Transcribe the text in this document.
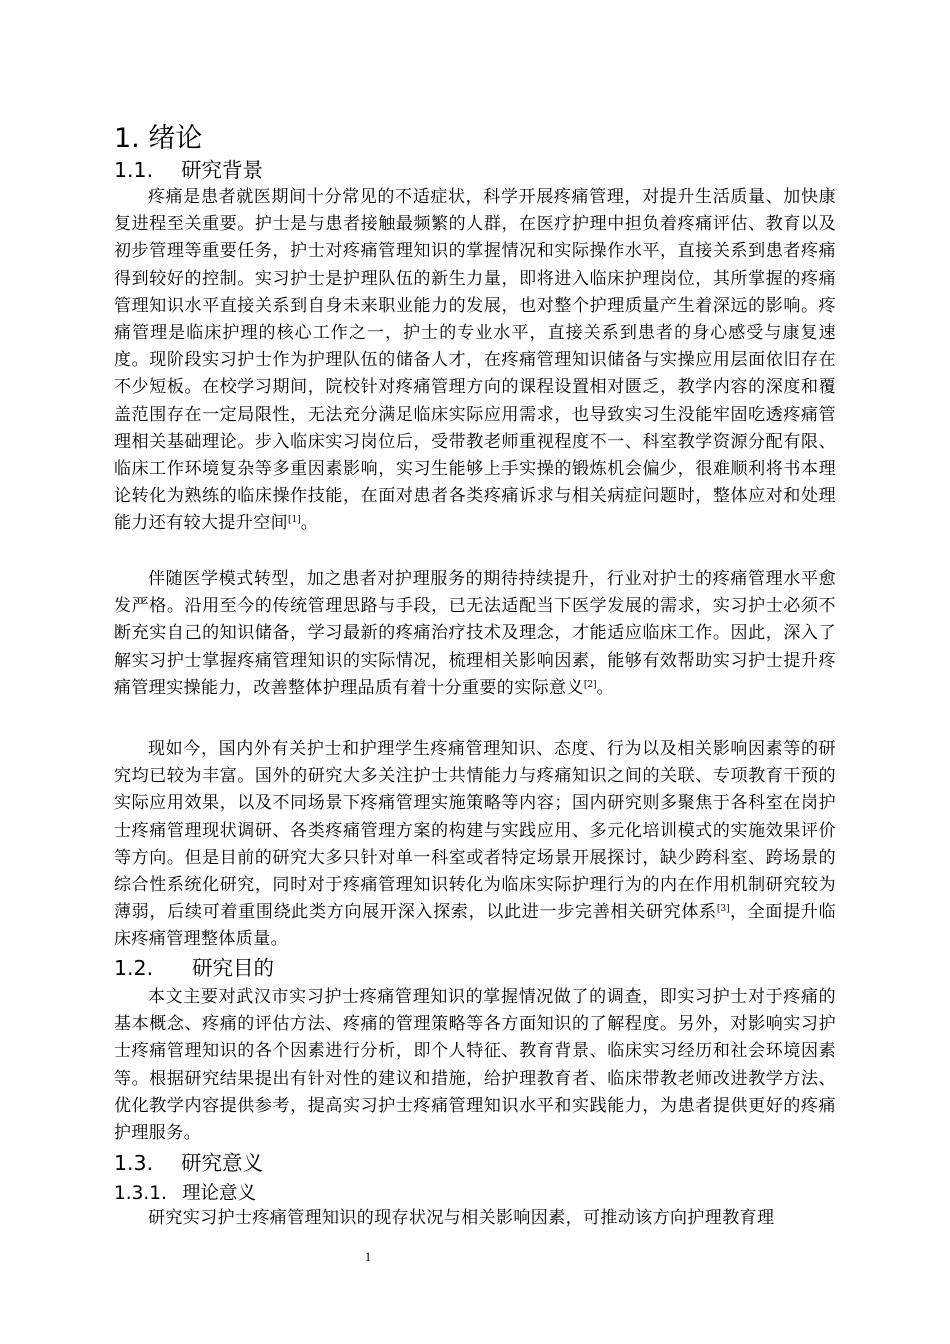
1. 绪论
1.1. 研究背景
疼痛是患者就医期间十分常见的不适症状，科学开展疼痛管理，对提升生活质量、加快康复进程至关重要。护士是与患者接触最频繁的人群，在医疗护理中担负着疼痛评估、教育以及初步管理等重要任务，护士对疼痛管理知识的掌握情况和实际操作水平，直接关系到患者疼痛得到较好的控制。实习护士是护理队伍的新生力量，即将进入临床护理岗位，其所掌握的疼痛管理知识水平直接关系到自身未来职业能力的发展，也对整个护理质量产生着深远的影响。疼痛管理是临床护理的核心工作之一，护士的专业水平，直接关系到患者的身心感受与康复速度。现阶段实习护士作为护理队伍的储备人才，在疼痛管理知识储备与实操应用层面依旧存在不少短板。在校学习期间，院校针对疼痛管理方向的课程设置相对匮乏，教学内容的深度和覆盖范围存在一定局限性，无法充分满足临床实际应用需求，也导致实习生没能牢固吃透疼痛管理相关基础理论。步入临床实习岗位后，受带教老师重视程度不一、科室教学资源分配有限、临床工作环境复杂等多重因素影响，实习生能够上手实操的锻炼机会偏少，很难顺利将书本理论转化为熟练的临床操作技能，在面对患者各类疼痛诉求与相关病症问题时，整体应对和处理能力还有较大提升空间[1]。
伴随医学模式转型，加之患者对护理服务的期待持续提升，行业对护士的疼痛管理水平愈发严格。沿用至今的传统管理思路与手段，已无法适配当下医学发展的需求，实习护士必须不断充实自己的知识储备，学习最新的疼痛治疗技术及理念，才能适应临床工作。因此，深入了解实习护士掌握疼痛管理知识的实际情况，梳理相关影响因素，能够有效帮助实习护士提升疼痛管理实操能力，改善整体护理品质有着十分重要的实际意义[2]。
现如今，国内外有关护士和护理学生疼痛管理知识、态度、行为以及相关影响因素等的研究均已较为丰富。国外的研究大多关注护士共情能力与疼痛知识之间的关联、专项教育干预的实际应用效果，以及不同场景下疼痛管理实施策略等内容；国内研究则多聚焦于各科室在岗护士疼痛管理现状调研、各类疼痛管理方案的构建与实践应用、多元化培训模式的实施效果评价等方向。但是目前的研究大多只针对单一科室或者特定场景开展探讨，缺少跨科室、跨场景的综合性系统化研究，同时对于疼痛管理知识转化为临床实际护理行为的内在作用机制研究较为薄弱，后续可着重围绕此类方向展开深入探索，以此进一步完善相关研究体系[3]，全面提升临床疼痛管理整体质量。
1.2. 研究目的
本文主要对武汉市实习护士疼痛管理知识的掌握情况做了的调查，即实习护士对于疼痛的基本概念、疼痛的评估方法、疼痛的管理策略等各方面知识的了解程度。另外，对影响实习护士疼痛管理知识的各个因素进行分析，即个人特征、教育背景、临床实习经历和社会环境因素等。根据研究结果提出有针对性的建议和措施，给护理教育者、临床带教老师改进教学方法、优化教学内容提供参考，提高实习护士疼痛管理知识水平和实践能力，为患者提供更好的疼痛护理服务。
1.3. 研究意义
1.3.1. 理论意义
研究实习护士疼痛管理知识的现存状况与相关影响因素，可推动该方向护理教育理
1
